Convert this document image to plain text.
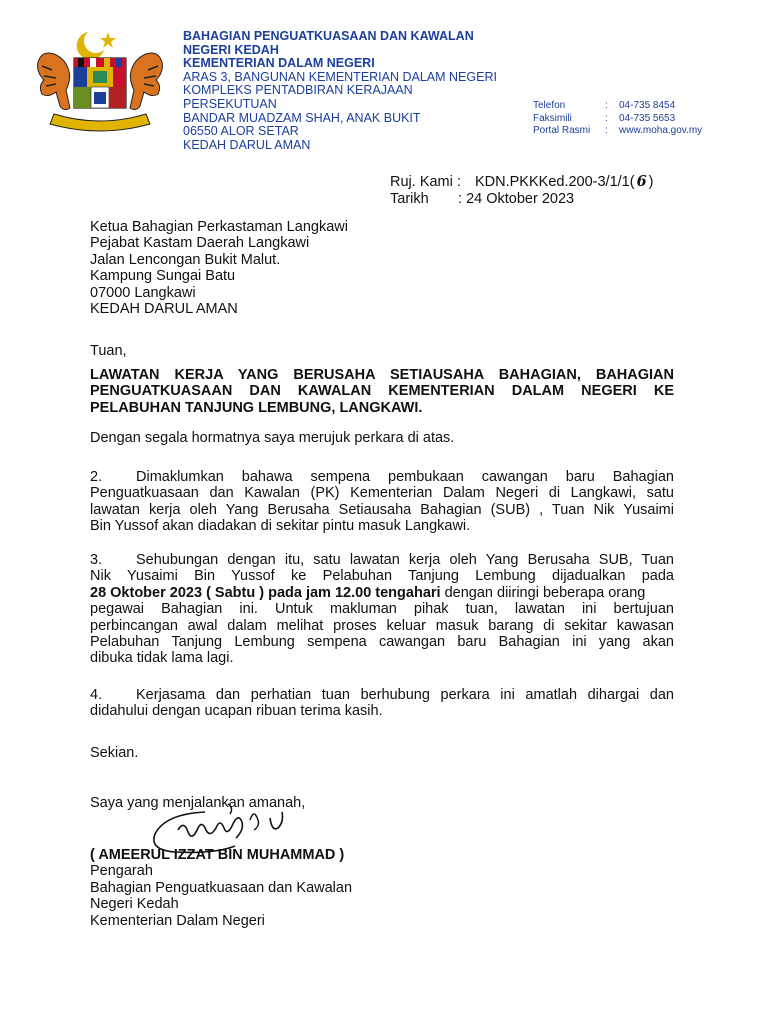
BAHAGIAN PENGUATKUASAAN DAN KAWALAN
NEGERI KEDAH
KEMENTERIAN DALAM NEGERI
ARAS 3, BANGUNAN KEMENTERIAN DALAM NEGERI
KOMPLEKS PENTADBIRAN KERAJAAN
PERSEKUTUAN
BANDAR MUADZAM SHAH, ANAK BUKIT
06550 ALOR SETAR
KEDAH DARUL AMAN
Telefon	:	04-735 8454
Faksimili	:	04-735 5653
Portal Rasmi	:	www.moha.gov.my
Ruj. Kami : KDN.PKKKed.200-3/1/1( 6 )
Tarikh : 24 Oktober 2023
Ketua Bahagian Perkastaman Langkawi
Pejabat Kastam Daerah Langkawi
Jalan Lencongan Bukit Malut.
Kampung Sungai Batu
07000 Langkawi
KEDAH DARUL AMAN
Tuan,
LAWATAN KERJA YANG BERUSAHA SETIAUSAHA BAHAGIAN, BAHAGIAN
PENGUATKUASAAN DAN KAWALAN KEMENTERIAN DALAM NEGERI KE
PELABUHAN TANJUNG LEMBUNG, LANGKAWI.
Dengan segala hormatnya saya merujuk perkara di atas.
2. Dimaklumkan bahawa sempena pembukaan cawangan baru Bahagian
Penguatkuasaan dan Kawalan (PK) Kementerian Dalam Negeri di Langkawi, satu
lawatan kerja oleh Yang Berusaha Setiausaha Bahagian (SUB) , Tuan Nik Yusaimi
Bin Yussof akan diadakan di sekitar pintu masuk Langkawi.
3. Sehubungan dengan itu, satu lawatan kerja oleh Yang Berusaha SUB, Tuan
Nik Yusaimi Bin Yussof ke Pelabuhan Tanjung Lembung dijadualkan pada
28 Oktober 2023 ( Sabtu ) pada jam 12.00 tengahari dengan diiringi beberapa orang
pegawai Bahagian ini. Untuk makluman pihak tuan, lawatan ini bertujuan
perbincangan awal dalam melihat proses keluar masuk barang di sekitar kawasan
Pelabuhan Tanjung Lembung sempena cawangan baru Bahagian ini yang akan
dibuka tidak lama lagi.
4. Kerjasama dan perhatian tuan berhubung perkara ini amatlah dihargai dan
didahului dengan ucapan ribuan terima kasih.
Sekian.
Saya yang menjalankan amanah,
( AMEERUL IZZAT BIN MUHAMMAD )
Pengarah
Bahagian Penguatkuasaan dan Kawalan
Negeri Kedah
Kementerian Dalam Negeri
